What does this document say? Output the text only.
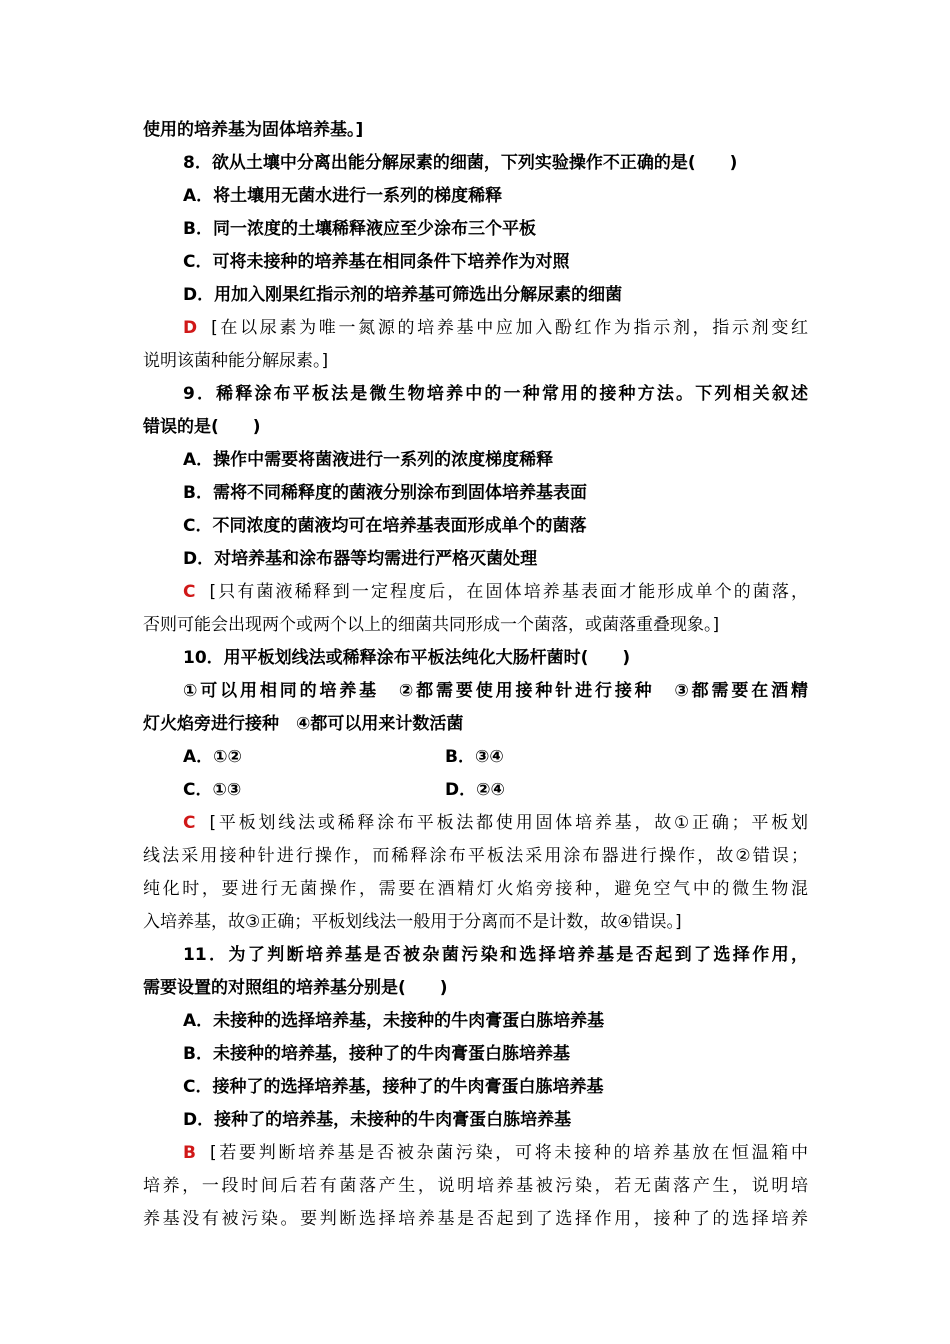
使用的培养基为固体培养基。]
8．欲从土壤中分离出能分解尿素的细菌，下列实验操作不正确的是(　　)
A．将土壤用无菌水进行一系列的梯度稀释
B．同一浓度的土壤稀释液应至少涂布三个平板
C．可将未接种的培养基在相同条件下培养作为对照
D．用加入刚果红指示剂的培养基可筛选出分解尿素的细菌
D [在以尿素为唯一氮源的培养基中应加入酚红作为指示剂，指示剂变红
说明该菌种能分解尿素。]
9．稀释涂布平板法是微生物培养中的一种常用的接种方法。下列相关叙述
错误的是(　　)
A．操作中需要将菌液进行一系列的浓度梯度稀释
B．需将不同稀释度的菌液分别涂布到固体培养基表面
C．不同浓度的菌液均可在培养基表面形成单个的菌落
D．对培养基和涂布器等均需进行严格灭菌处理
C [只有菌液稀释到一定程度后，在固体培养基表面才能形成单个的菌落，
否则可能会出现两个或两个以上的细菌共同形成一个菌落，或菌落重叠现象。]
10．用平板划线法或稀释涂布平板法纯化大肠杆菌时(　　)
①可以用相同的培养基　②都需要使用接种针进行接种　③都需要在酒精
灯火焰旁进行接种　④都可以用来计数活菌
A．①②	B．③④
C．①③	D．②④
C [平板划线法或稀释涂布平板法都使用固体培养基，故①正确；平板划
线法采用接种针进行操作，而稀释涂布平板法采用涂布器进行操作，故②错误；
纯化时，要进行无菌操作，需要在酒精灯火焰旁接种，避免空气中的微生物混
入培养基，故③正确；平板划线法一般用于分离而不是计数，故④错误。]
11．为了判断培养基是否被杂菌污染和选择培养基是否起到了选择作用，
需要设置的对照组的培养基分别是(　　)
A．未接种的选择培养基，未接种的牛肉膏蛋白胨培养基
B．未接种的培养基，接种了的牛肉膏蛋白胨培养基
C．接种了的选择培养基，接种了的牛肉膏蛋白胨培养基
D．接种了的培养基，未接种的牛肉膏蛋白胨培养基
B [若要判断培养基是否被杂菌污染，可将未接种的培养基放在恒温箱中
培养，一段时间后若有菌落产生，说明培养基被污染，若无菌落产生，说明培
养基没有被污染。要判断选择培养基是否起到了选择作用，接种了的选择培养
